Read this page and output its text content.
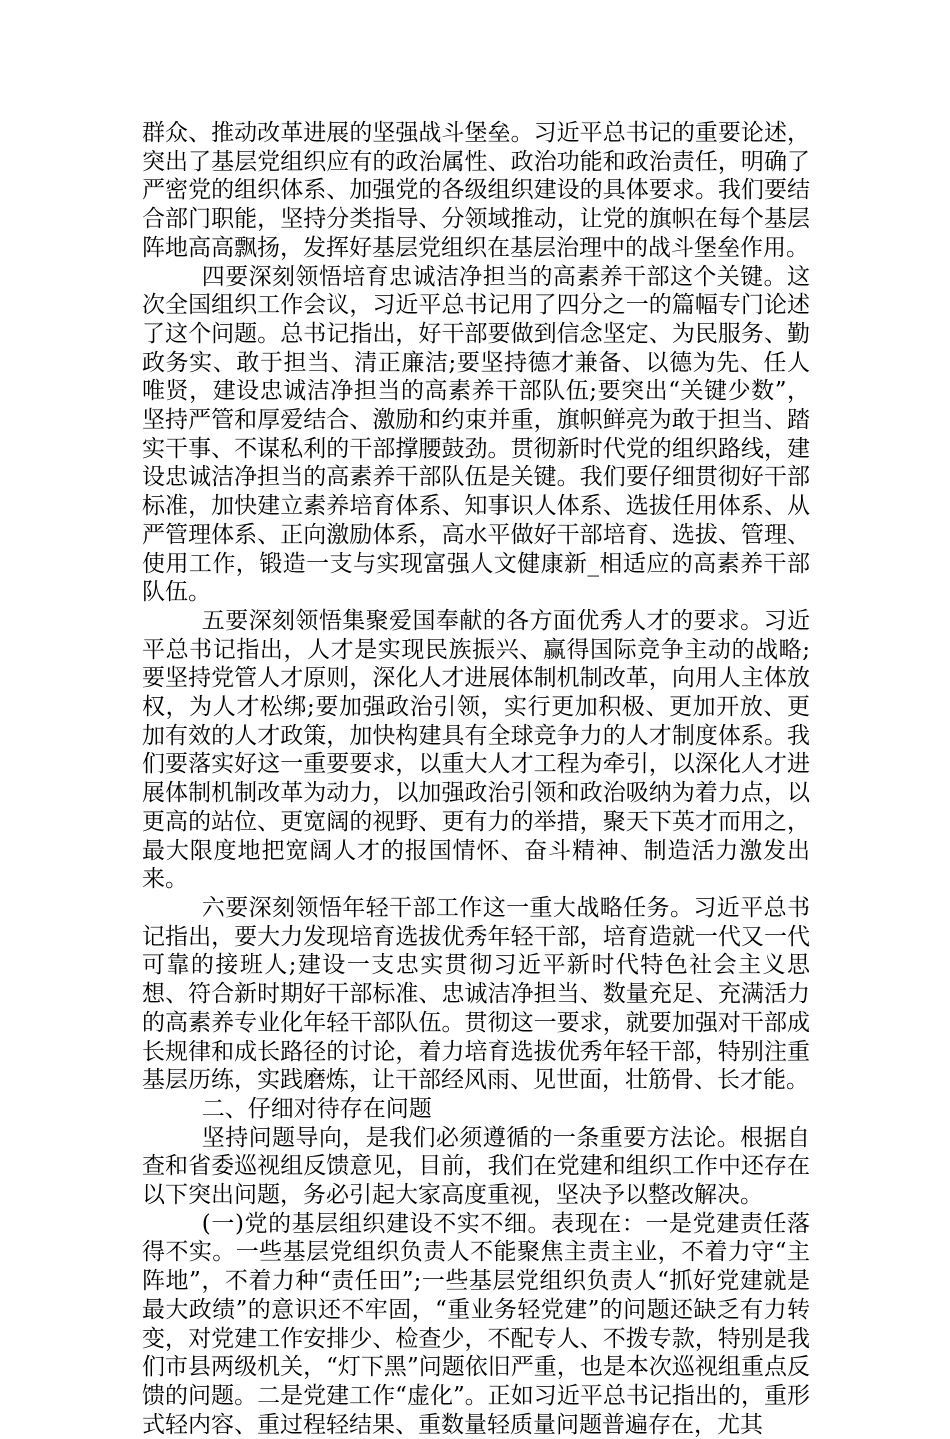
群众、推动改革进展的坚强战斗堡垒。习近平总书记的重要论述，突出了基层党组织应有的政治属性、政治功能和政治责任，明确了严密党的组织体系、加强党的各级组织建设的具体要求。我们要结合部门职能，坚持分类指导、分领域推动，让党的旗帜在每个基层阵地高高飘扬，发挥好基层党组织在基层治理中的战斗堡垒作用。

四要深刻领悟培育忠诚洁净担当的高素养干部这个关键。这次全国组织工作会议，习近平总书记用了四分之一的篇幅专门论述了这个问题。总书记指出，好干部要做到信念坚定、为民服务、勤政务实、敢于担当、清正廉洁;要坚持德才兼备、以德为先、任人唯贤，建设忠诚洁净担当的高素养干部队伍;要突出“关键少数”，坚持严管和厚爱结合、激励和约束并重，旗帜鲜亮为敢于担当、踏实干事、不谋私利的干部撑腰鼓劲。贯彻新时代党的组织路线，建设忠诚洁净担当的高素养干部队伍是关键。我们要仔细贯彻好干部标准，加快建立素养培育体系、知事识人体系、选拔任用体系、从严管理体系、正向激励体系，高水平做好干部培育、选拔、管理、使用工作，锻造一支与实现富强人文健康新_相适应的高素养干部队伍。

五要深刻领悟集聚爱国奉献的各方面优秀人才的要求。习近平总书记指出，人才是实现民族振兴、赢得国际竞争主动的战略;要坚持党管人才原则，深化人才进展体制机制改革，向用人主体放权，为人才松绑;要加强政治引领，实行更加积极、更加开放、更加有效的人才政策，加快构建具有全球竞争力的人才制度体系。我们要落实好这一重要要求，以重大人才工程为牵引，以深化人才进展体制机制改革为动力，以加强政治引领和政治吸纳为着力点，以更高的站位、更宽阔的视野、更有力的举措，聚天下英才而用之，最大限度地把宽阔人才的报国情怀、奋斗精神、制造活力激发出来。

六要深刻领悟年轻干部工作这一重大战略任务。习近平总书记指出，要大力发现培育选拔优秀年轻干部，培育造就一代又一代可靠的接班人;建设一支忠实贯彻习近平新时代特色社会主义思想、符合新时期好干部标准、忠诚洁净担当、数量充足、充满活力的高素养专业化年轻干部队伍。贯彻这一要求，就要加强对干部成长规律和成长路径的讨论，着力培育选拔优秀年轻干部，特别注重基层历练，实践磨炼，让干部经风雨、见世面，壮筋骨、长才能。

二、仔细对待存在问题

坚持问题导向，是我们必须遵循的一条重要方法论。根据自查和省委巡视组反馈意见，目前，我们在党建和组织工作中还存在以下突出问题，务必引起大家高度重视，坚决予以整改解决。

(一)党的基层组织建设不实不细。表现在：一是党建责任落得不实。一些基层党组织负责人不能聚焦主责主业，不着力守“主阵地”，不着力种“责任田”;一些基层党组织负责人“抓好党建就是最大政绩”的意识还不牢固，“重业务轻党建”的问题还缺乏有力转变，对党建工作安排少、检查少，不配专人、不拨专款，特别是我们市县两级机关，“灯下黑”问题依旧严重，也是本次巡视组重点反馈的问题。二是党建工作“虚化”。正如习近平总书记指出的，重形式轻内容、重过程轻结果、重数量轻质量问题普遍存在，尤其
